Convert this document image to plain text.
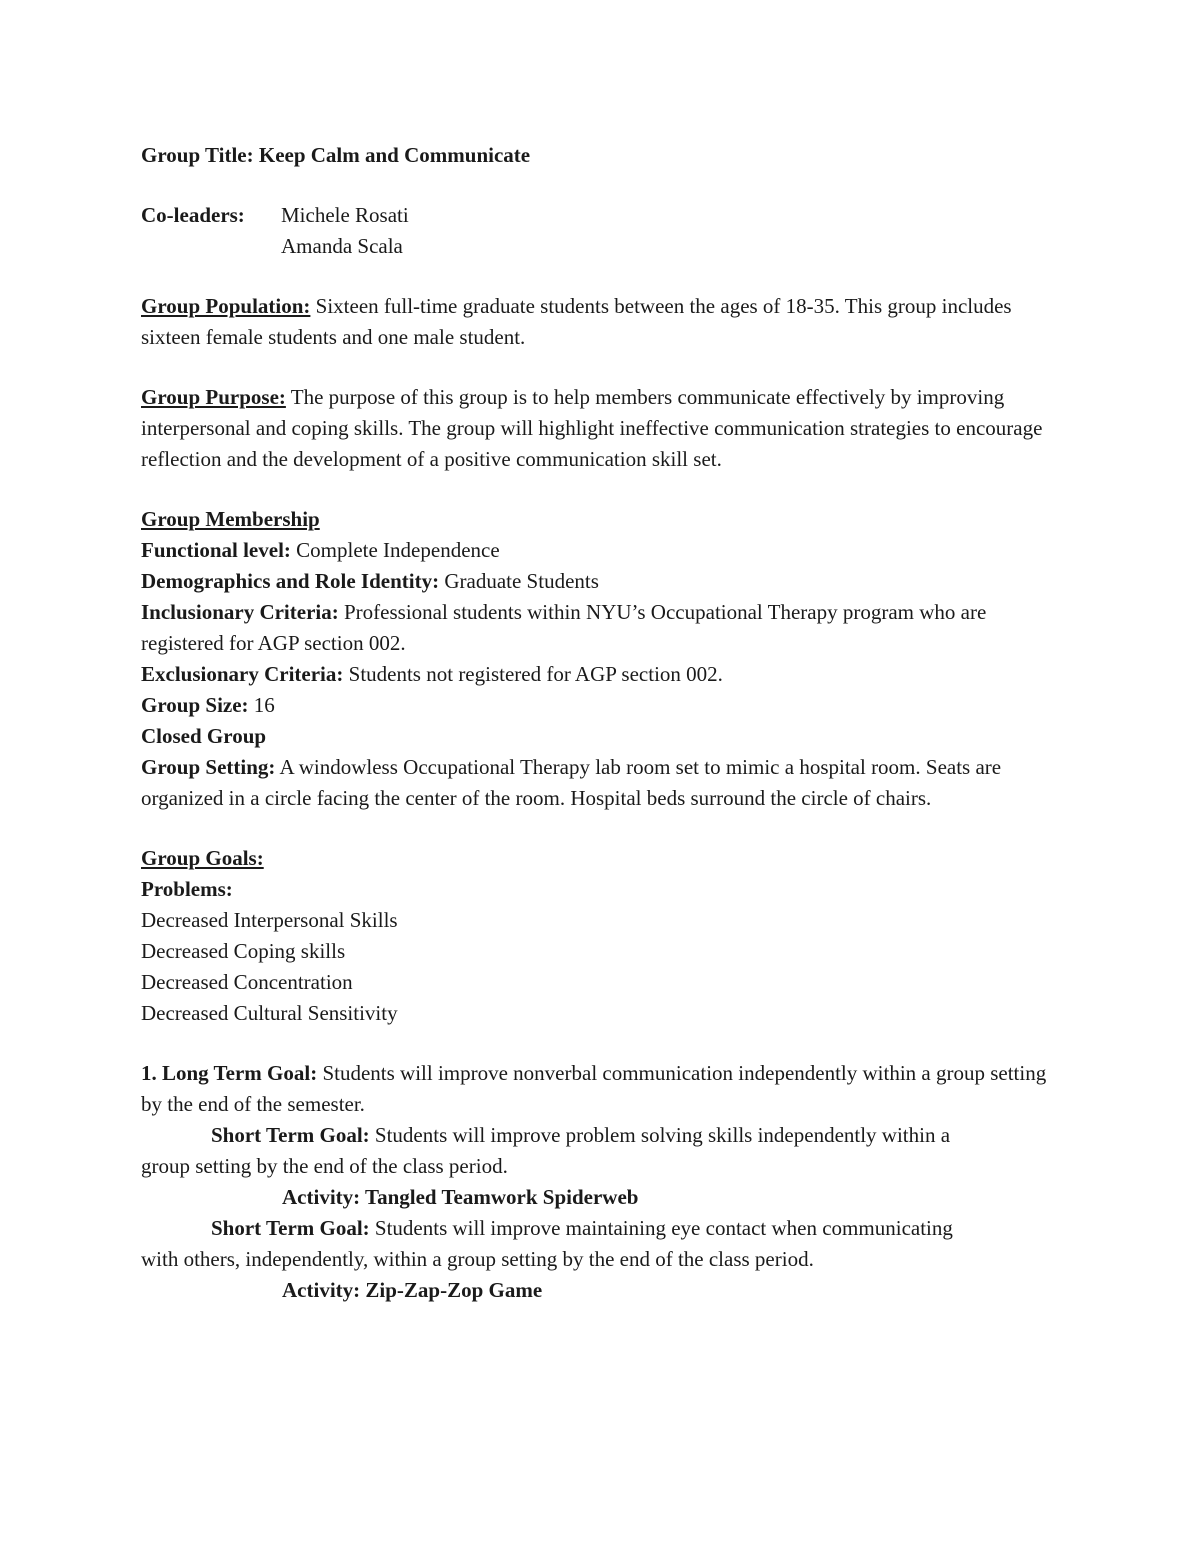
Group Title: Keep Calm and Communicate
Co-leaders:	Michele Rosati
Amanda Scala
Group Population: Sixteen full-time graduate students between the ages of 18-35. This group includes sixteen female students and one male student.
Group Purpose: The purpose of this group is to help members communicate effectively by improving interpersonal and coping skills. The group will highlight ineffective communication strategies to encourage reflection and the development of a positive communication skill set.
Group Membership
Functional level: Complete Independence
Demographics and Role Identity: Graduate Students
Inclusionary Criteria: Professional students within NYU’s Occupational Therapy program who are registered for AGP section 002.
Exclusionary Criteria: Students not registered for AGP section 002.
Group Size: 16
Closed Group
Group Setting: A windowless Occupational Therapy lab room set to mimic a hospital room. Seats are organized in a circle facing the center of the room. Hospital beds surround the circle of chairs.
Group Goals:
Problems:
Decreased Interpersonal Skills
Decreased Coping skills
Decreased Concentration
Decreased Cultural Sensitivity
1. Long Term Goal: Students will improve nonverbal communication independently within a group setting by the end of the semester.
Short Term Goal: Students will improve problem solving skills independently within a
group setting by the end of the class period.
Activity: Tangled Teamwork Spiderweb
Short Term Goal: Students will improve maintaining eye contact when communicating
with others, independently, within a group setting by the end of the class period.
Activity: Zip-Zap-Zop Game
